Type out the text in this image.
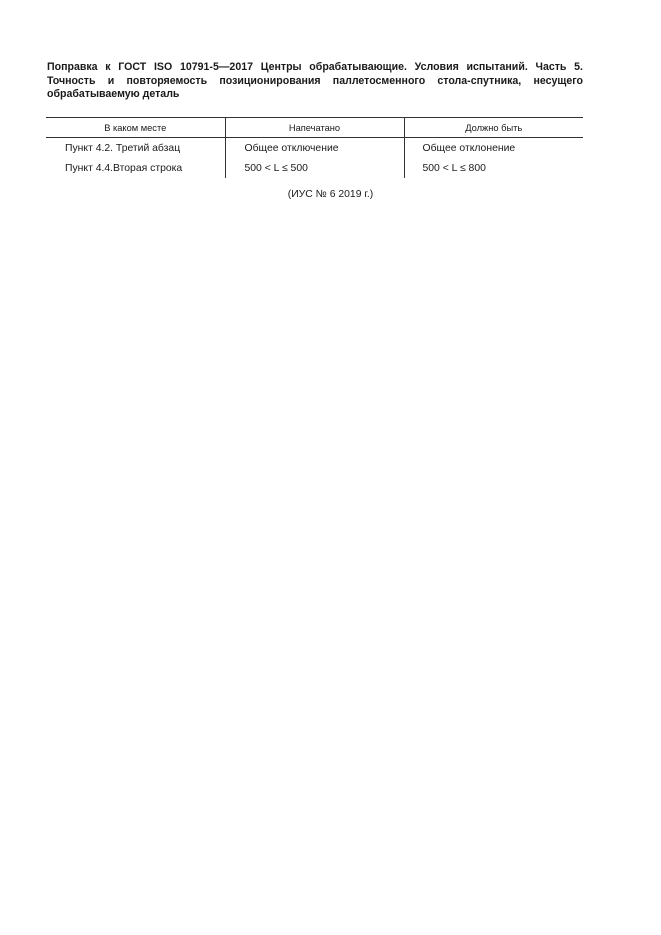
Поправка к ГОСТ ISO 10791-5—2017 Центры обрабатывающие. Условия испытаний. Часть 5. Точность и повторяемость позиционирования паллетосменного стола-спутника, несущего обрабатываемую деталь
В каком месте	Напечатано	Должно быть
Пункт 4.2. Третий абзац	Общее отключение	Общее отклонение
Пункт 4.4.Вторая строка	500 < L ≤ 500	500 < L ≤ 800
(ИУС № 6 2019 г.)
